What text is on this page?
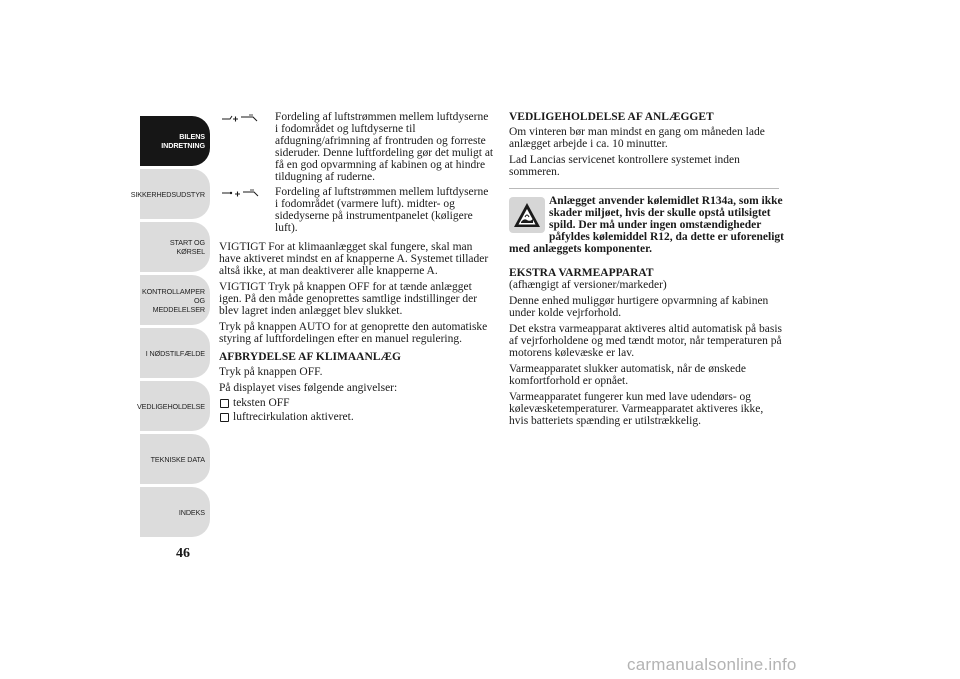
BILENS
INDRETNING
SIKKERHEDSUDSTYR
START OG KØRSEL
KONTROLLAMPER
OG MEDDELELSER
I NØDSTILFÆLDE
VEDLIGEHOLDELSE
TEKNISKE DATA
INDEKS
46
Fordeling af luftstrømmen mellem luftdyserne i fodområdet og luftdyserne til afdugning/afrimning af frontruden og forreste sideruder. Denne luftfordeling gør det muligt at få en god opvarmning af kabinen og at hindre tildugning af ruderne.
Fordeling af luftstrømmen mellem luftdyserne i fodområdet (varmere luft). midter- og sidedyserne på instrumentpanelet (køligere luft).

VIGTIGT For at klimaanlægget skal fungere, skal man have aktiveret mindst en af knapperne A. Systemet tillader altså ikke, at man deaktiverer alle knapperne A.

VIGTIGT Tryk på knappen OFF for at tænde anlægget igen. På den måde genoprettes samtlige indstillinger der blev lagret inden anlægget blev slukket.

Tryk på knappen AUTO for at genoprette den automatiske styring af luftfordelingen efter en manuel regulering.

AFBRYDELSE AF KLIMAANLÆG

Tryk på knappen OFF.

På displayet vises følgende angivelser:

teksten OFF
luftrecirkulation aktiveret.
VEDLIGEHOLDELSE AF ANLÆGGET

Om vinteren bør man mindst en gang om måneden lade anlægget arbejde i ca. 10 minutter.

Lad Lancias servicenet kontrollere systemet inden sommeren.

Anlægget anvender kølemidlet R134a, som ikke skader miljøet, hvis der skulle opstå utilsigtet spild. Der må under ingen omstændigheder påfyldes kølemiddel R12, da dette er uforeneligt med anlæggets komponenter.
EKSTRA VARMEAPPARAT

(afhængigt af versioner/markeder)

Denne enhed muliggør hurtigere opvarmning af kabinen under kolde vejrforhold.

Det ekstra varmeapparat aktiveres altid automatisk på basis af vejrforholdene og med tændt motor, når temperaturen på motorens kølevæske er lav.

Varmeapparatet slukker automatisk, når de ønskede komfortforhold er opnået.

Varmeapparatet fungerer kun med lave udendørs- og kølevæsketemperaturer. Varmeapparatet aktiveres ikke, hvis batteriets spænding er utilstrækkelig.

carmanualsonline.info
